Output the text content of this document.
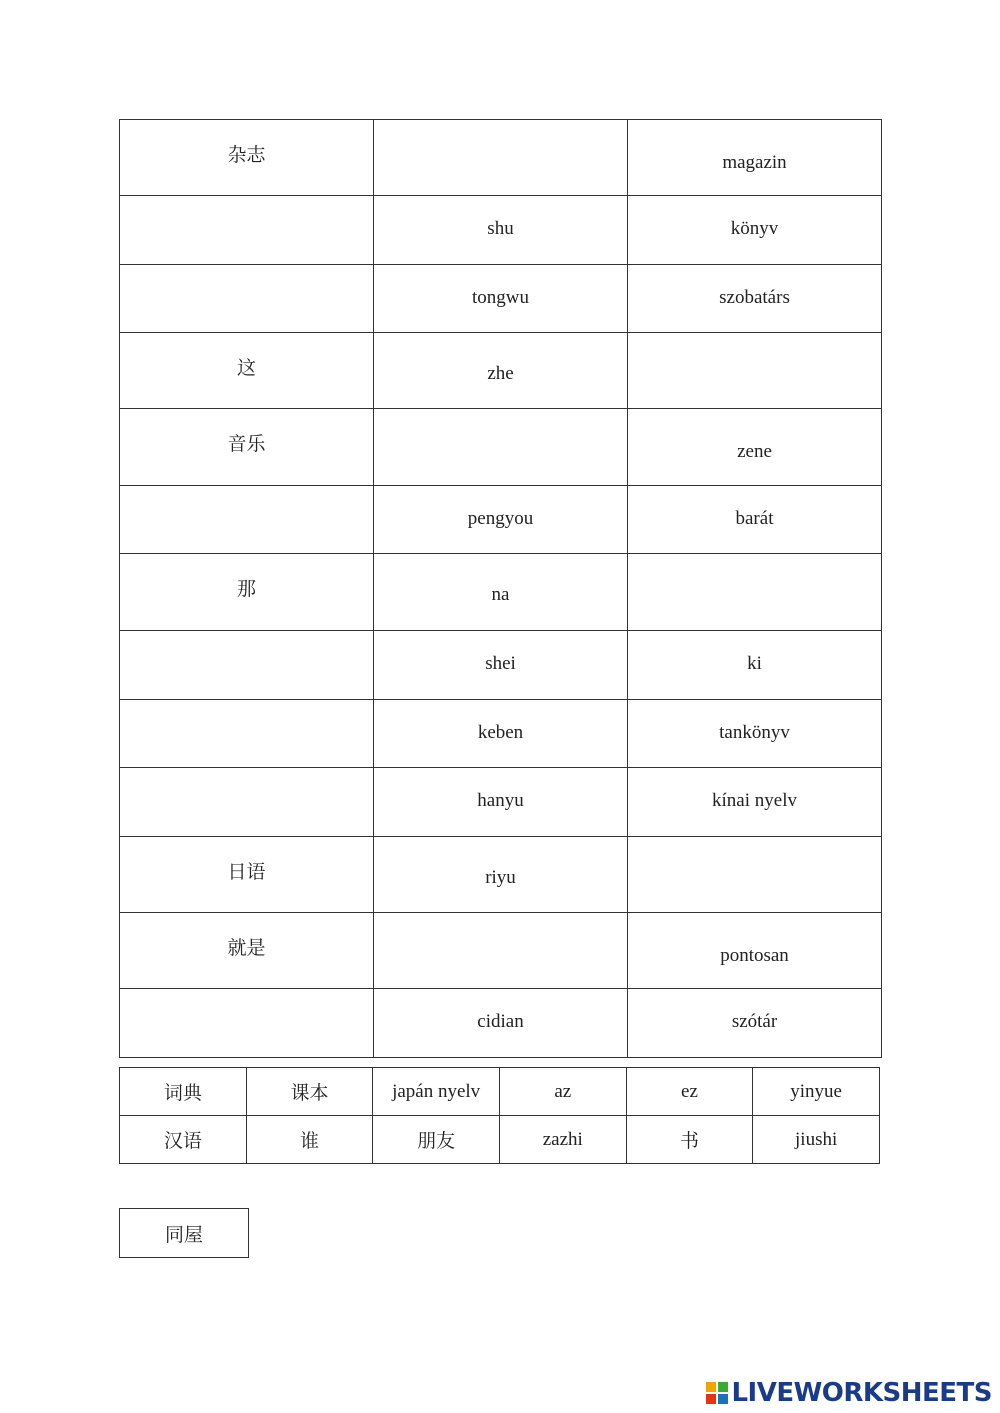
杂志		magazin

	shu	könyv

	tongwu	szobatárs

这	zhe	

音乐		zene

	pengyou	barát

那	na	

	shei	ki

	keben	tankönyv

	hanyu	kínai nyelv

日语	riyu	

就是		pontosan

	cidian	szótár
词典	课本	japán nyelv	az	ez	yinyue
汉语	谁	朋友	zazhi	书	jiushi
同屋
LIVEWORKSHEETS
